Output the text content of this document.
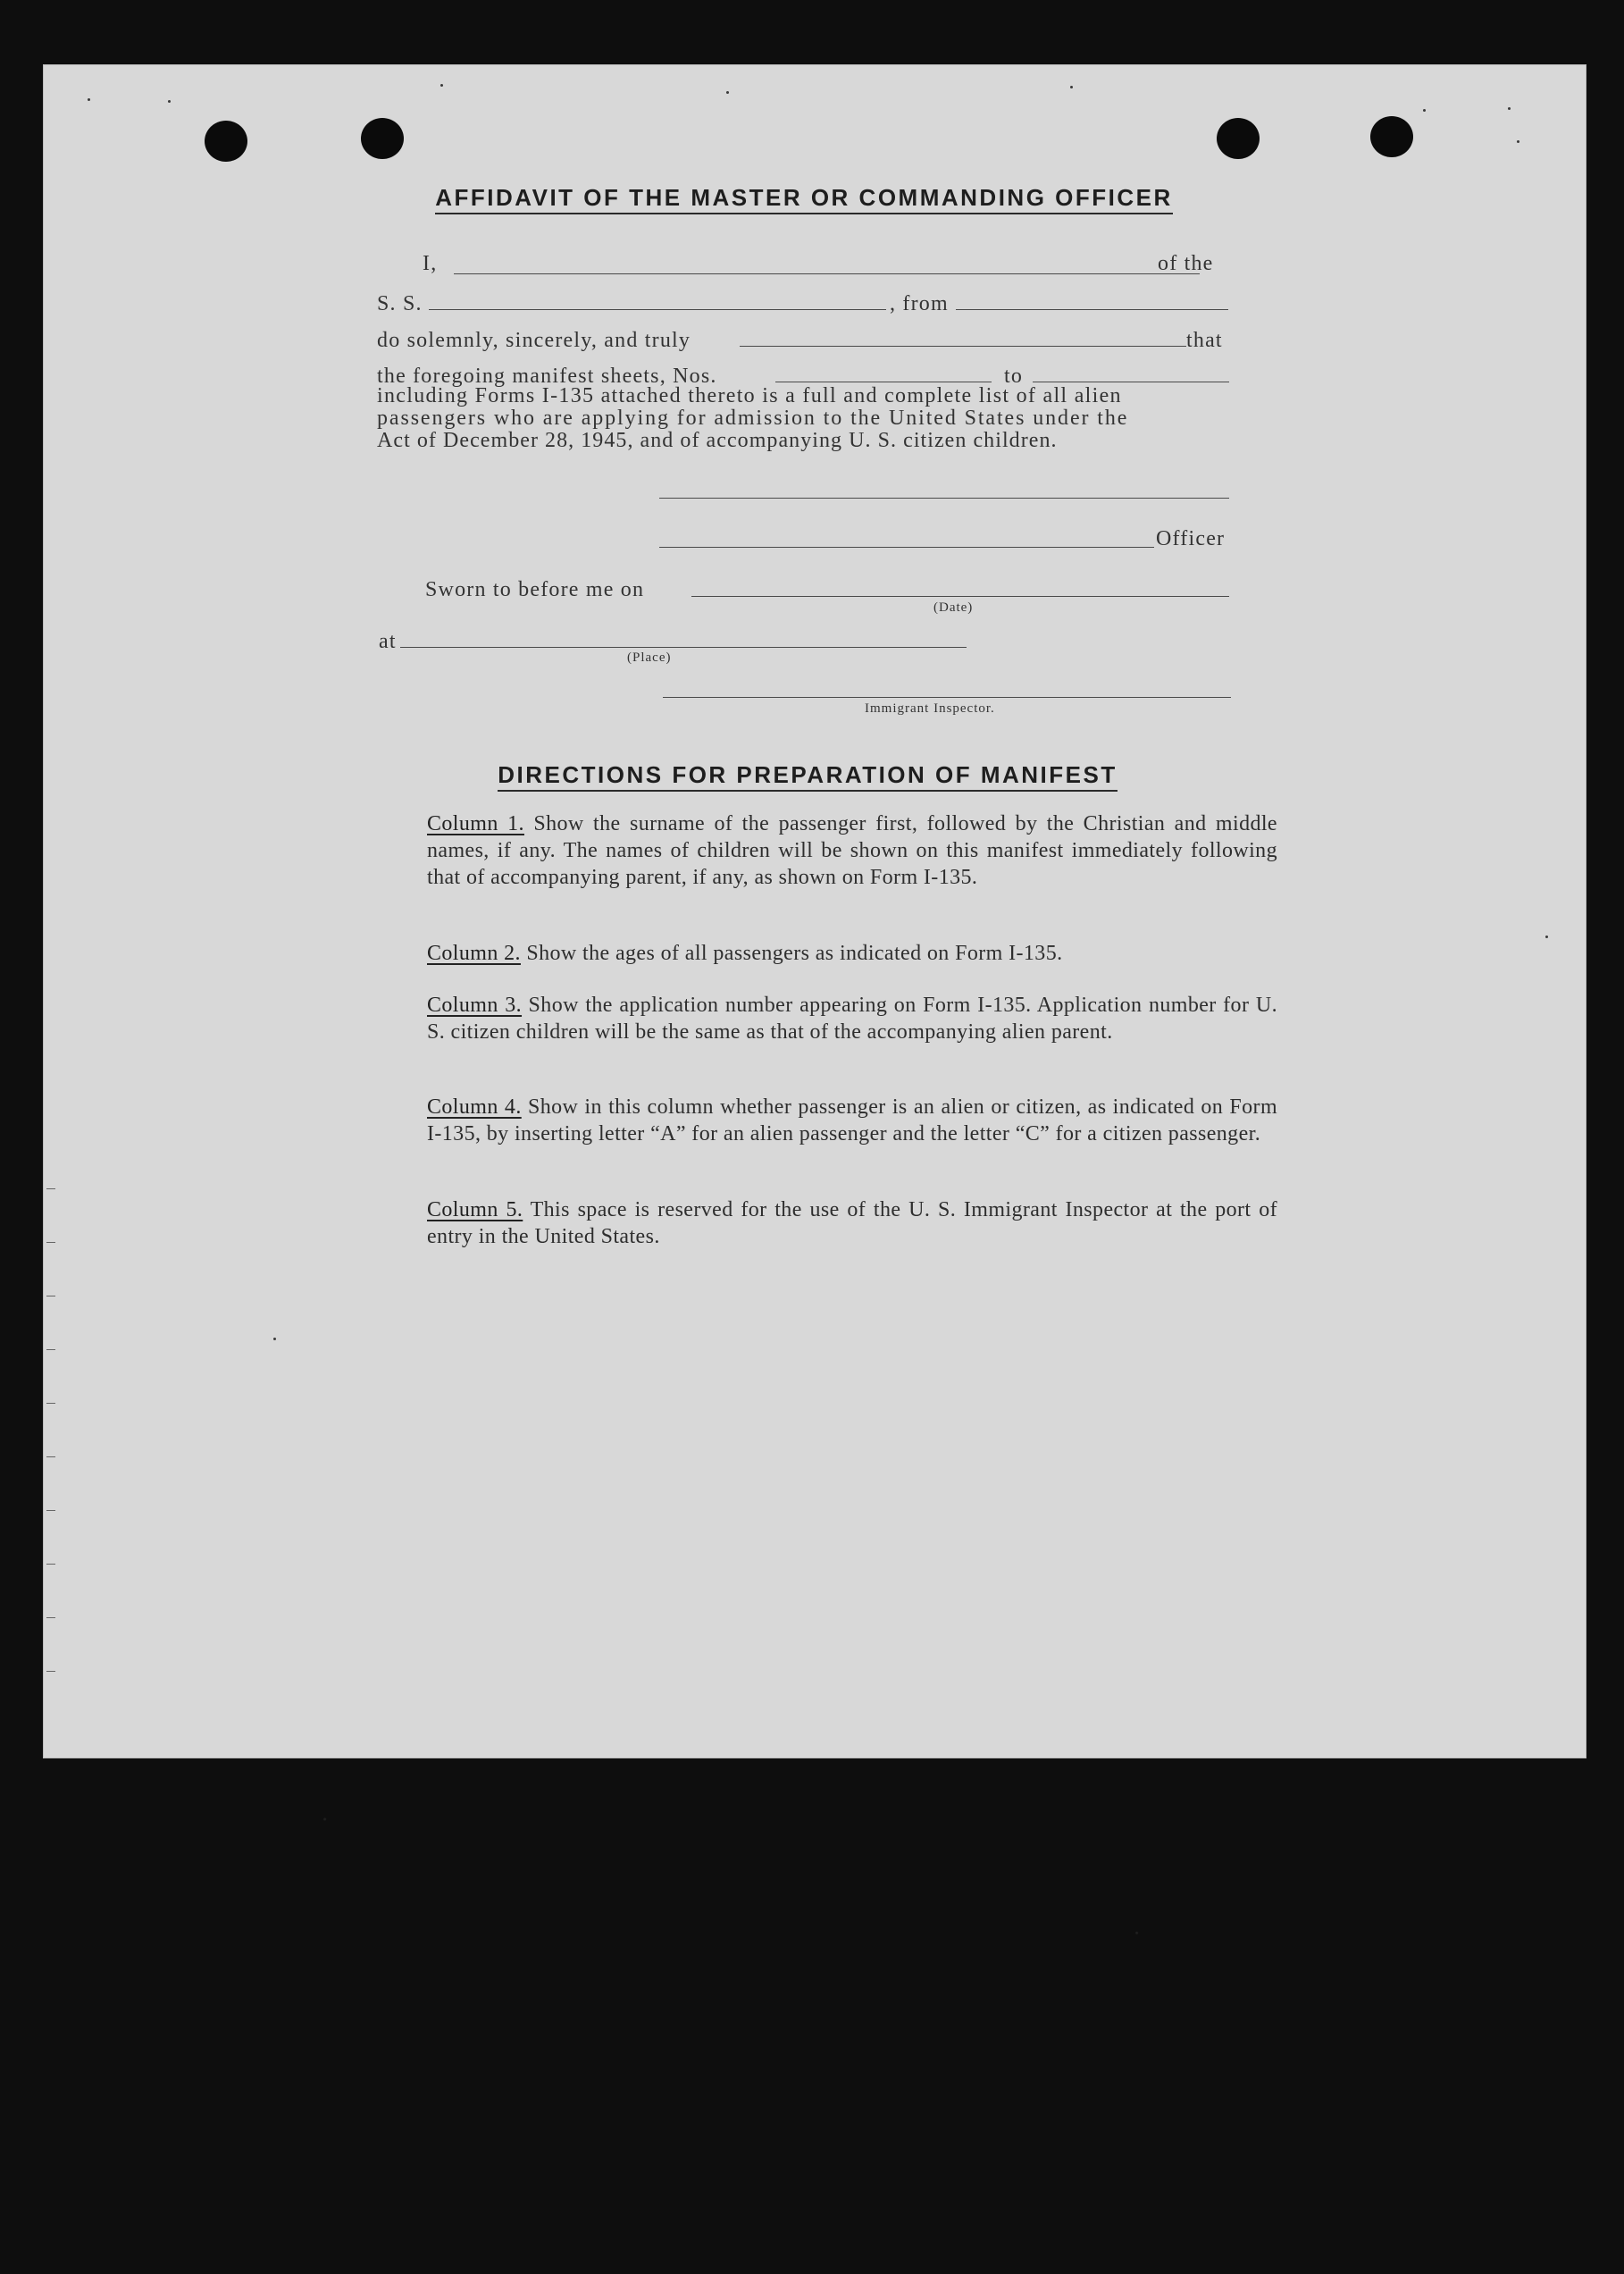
AFFIDAVIT OF THE MASTER OR COMMANDING OFFICER
I,	of the
S. S.	, from
do solemnly, sincerely, and truly	that
the foregoing manifest sheets, Nos.	to
including Forms I-135 attached thereto is a full and complete list of all alien
passengers who are applying for admission to the United States under the
Act of December 28, 1945, and of accompanying U. S. citizen children.
Officer
Sworn to before me on
(Date)
at
(Place)
Immigrant Inspector.
DIRECTIONS FOR PREPARATION OF MANIFEST
Column 1. Show the surname of the passenger first, followed by the Christian and middle names, if any. The names of children will be shown on this manifest immediately following that of accompanying parent, if any, as shown on Form I-135.
Column 2. Show the ages of all passengers as indicated on Form I-135.
Column 3. Show the application number appearing on Form I-135. Application number for U. S. citizen children will be the same as that of the accompanying alien parent.
Column 4. Show in this column whether passenger is an alien or citizen, as indicated on Form I-135, by inserting letter “A” for an alien passenger and the letter “C” for a citizen passenger.
Column 5. This space is reserved for the use of the U. S. Immigrant Inspector at the port of entry in the United States.
